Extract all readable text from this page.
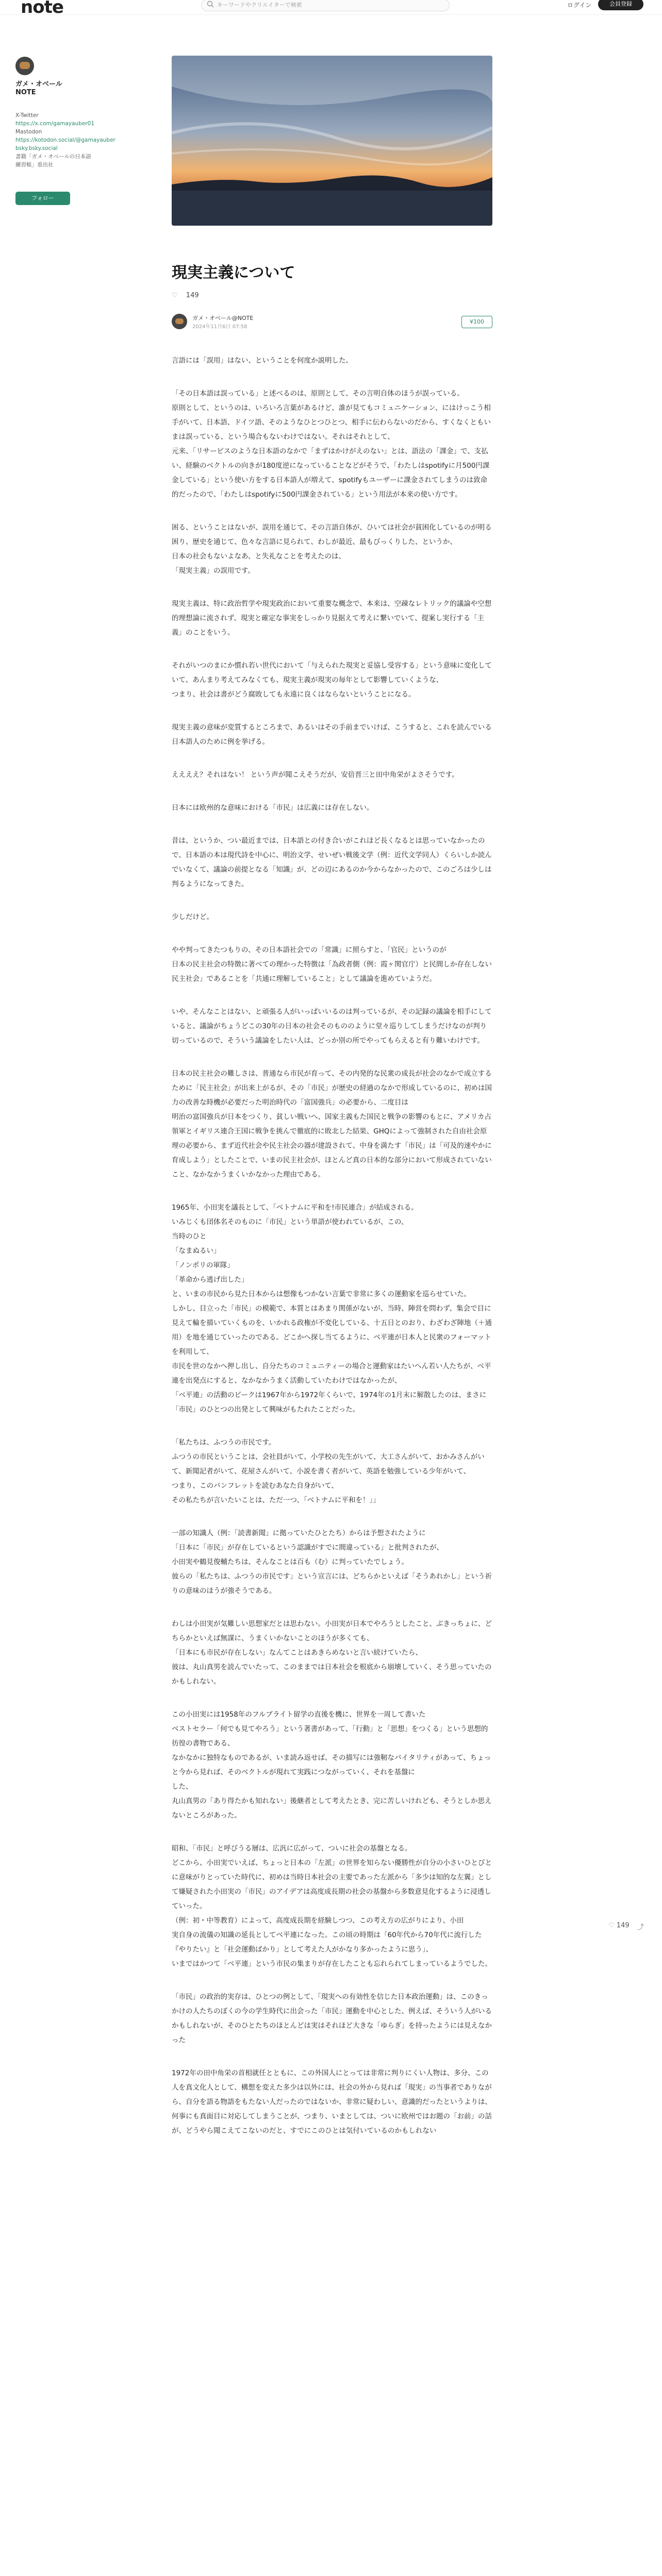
note	キーワードやクリエイターで検索	ログイン	会員登録
ガメ・オベール
NOTE
X-Twitter
https://x.com/gamayauber01
Mastodon
https://kotodon.social/@gamayauber
bsky.bsky.social
書籍「ガメ・オベールの日本語練習帳」重出社
フォロー
現実主義について
♡ 149
ガメ・オベール@NOTE
2024年11月6日 07:58
¥100

言語には「誤用」はない、ということを何度か説明した。

「その日本語は誤っている」と述べるのは、原則として、その言明自体のほうが誤っている。
原則として、というのは、いろいろ言葉があるけど、誰が見てもコミュニケーション、にはけっこう相手がいて、日本語、ドイツ語、そのようなひとつひとつ、相手に伝わらないのだから、すくなくともいまは誤っている、という場合もないわけではない。それはそれとして、
元来、「リサービスのような日本語のなかで「まずはかけがえのない」とは、語法の「課金」で、支払い、経験のベクトルの向きが180度逆になっていることなどがそうで、「わたしはspotifyに月500円課金している」という使い方をする日本語人が増えて、spotifyもユーザーに課金されてしまうのは致命的だったので、「わたしはspotifyに500円課金されている」という用法が本来の使い方です。

困る、ということはないが、誤用を通じて、その言語自体が、ひいては社会が貧困化しているのが明る困り、歴史を通じて、色々な言語に見られて、わしが最近、最もびっくりした、というか、
日本の社会もないよなあ、と失礼なことを考えたのは、
「現実主義」の誤用です。

現実主義は、特に政治哲学や現実政治において重要な概念で、本来は、空疎なレトリック的議論や空想的理想論に流されず、現実と確定な事実をしっかり見据えて考えに繋いでいて、提案し実行する「主義」のことをいう。

それがいつのまにか慣れ若い世代において「与えられた現実と妥協し受容する」という意味に変化していて、あんまり考えてみなくても、現実主義が現実の毎年として影響していくような、
つまり、社会は書がどう腐敗しても永遠に良くはならないということになる。

現実主義の意味が変質するところまで、あるいはその手前までいけば、こうすると、これを読んでいる日本語人のために例を挙げる。

ええええ？それはない！ という声が聞こえそうだが、安倍晋三と田中角栄がよさそうです。

日本には欧州的な意味における「市民」は広義には存在しない。

昔は、というか、つい最近までは、日本語との付き合いがこれほど長くなるとは思っていなかったので、日本語の本は現代詩を中心に、明治文学、せいぜい戦後文学（例：近代文学同人）くらいしか読んでいなくて、議論の前提となる「知識」が、どの辺にあるのか今からなかったので、このごろは少しは判るようになってきた。

少しだけど。

やや判ってきたつもりの、その日本語社会での「常識」に照らすと、「官民」というのが
日本の民主社会の特徴に著べての理かった特徴は「為政者側（例：霞ヶ関官庁）と民間しか存在しない民主社会」であることを「共通に理解していること」として議論を進めていようだ。

いや、そんなことはない、と頑張る人がいっぱいいるのは判っているが、その記録の議論を相手にしていると、議論がちょうどこの30年の日本の社会そのもののように堂々巡りしてしまうだけなのが判り切っているので、そういう議論をしたい人は、どっか別の所でやってもらえると有り難いわけです。

日本の民主社会の難しさは、普通なら市民が育って、その内発的な民衆の成長が社会のなかで成立するために「民主社会」が出来上がるが、その「市民」が歴史の経過のなかで形成しているのに、初めは国力の改善な時機が必要だった明治時代の「富国強兵」の必要から、二度目は
明治の富国強兵が日本をつくり、貧しい戦いへ、国家主義もた国民と戦争の影響のもとに、アメリカ占領軍とイギリス連合王国に戦争を挑んで徹底的に敗北した結果、GHQによって強制された自由社会原理の必要から、まず近代社会や民主社会の器が建設されて、中身を満たす「市民」は「可及的速やかに育成しよう」としたことで、いまの民主社会が、ほとんど真の日本的な部分において形成されていないこと、なかなかうまくいかなかった理由である。

1965年、小田実を議長として、「ベトナムに平和を!市民連合」が結成される。
いみじくも団体名そのものに「市民」という単語が使われているが、この、
当時のひと
「なまぬるい」
「ノンポリの軍隊」
「革命から逃げ出した」
と、いまの市民から見た日本からは想像もつかない言葉で非常に多くの運動家を巡らせていた。
しかし、目立った「市民」の模範で、本質とはあまり関係がないが、当時、陣営を問わず、集会で目に見えて輪を描いていくものを、いかれる政権が不変化している、十五日とのおり、わざわざ陣地（＋通用）を地を通じていったのである。どこかへ探し当てるように、ベ平連が日本人と民衆のフォーマットを利用して、
市民を世のなかへ押し出し、自分たちのコミュニティーの場合と運動家はたいへん若い人たちが、ベ平連を出発点にすると、なかなかうまく活動していたわけではなかったが、
「ベ平連」の活動のピークは1967年から1972年くらいで、1974年の1月末に解散したのは、まさに「市民」のひとつの出発として興味がもたれたことだった。

「私たちは、ふつうの市民です。
ふつうの市民ということは、会社員がいて、小学校の先生がいて、大工さんがいて、おかみさんがいて、新聞記者がいて、花屋さんがいて、小説を書く者がいて、英語を勉強している少年がいて、
つまり、このパンフレットを読むあなた自身がいて、
その私たちが言いたいことは、ただ一つ、「ベトナムに平和を！」」

一部の知識人（例：「読書新聞」に拠っていたひとたち）からは予想されたように
「日本に「市民」が存在しているという認識がすでに間違っている」と批判されたが、
小田実や鶴見俊輔たちは、そんなことは百も（む）に判っていたでしょう。
彼らの「私たちは、ふつうの市民です」という宣言には、どちらかといえば「そうあれかし」という祈りの意味のほうが強そうである。

わしは小田実が気難しい思想家だとは思わない。小田実が日本でやろうとしたこと、ぶきっちょに、どちらかといえば無謀に、うまくいかないことのほうが多くても、
「日本にも市民が存在しない」なんてことはあきらめないと言い続けていたら、
彼は、丸山真男を読んでいたって、このままでは日本社会を根底から崩壊していく、そう思っていたのかもしれない。

この小田実には1958年のフルブライト留学の直後を機に、世界を一周して書いた
ベストセラー「何でも見てやろう」という著書があって、「行動」と「思想」をつくる」という思想的彷徨の書物である、
なかなかに独特なものであるが、いま読み返せば、その描写には強靭なバイタリティがあって、ちょっと今から見れば、そのベクトルが現れて実践につながっていく、それを基盤に
した、
丸山真男の「あり得たかも知れない」後継者として考えたとき、完に苦しいけれども、そうとしか思えないところがあった。

昭和、「市民」と呼びうる層は、広汎に広がって、ついに社会の基盤となる。
どこから、小田実でいえば、ちょっと日本の「左派」の世界を知らない優勝性が自分の小さいひとびとに意味がりとっていた時代に、初めは当時日本社会の主要であった左派から「多少は知的な左翼」として嫌疑された小田実の「市民」のアイデアは高度成長期の社会の基盤から多数意見化するように浸透していった。
（例：初・中等教育）によって、高度成長期を経験しつつ、この考え方の広がりにより、小田
実自身の流儀の知識の延長としてベ平連になった。この頃の時期は「60年代から70年代に流行した『やりたい』と「社会運動ばかり」として考えた人がかなり多かったように思う」、
いまではかつて「ベ平連」という市民の集まりが存在したことも忘れられてしまっているようでした。

「市民」の政治的実存は、ひとつの例として、「現実への有効性を信じた日本政治運動」は、このきっかけの人たちのぼくの今の学生時代に出会った「市民」運動を中心とした、例えば、そういう人がいるかもしれないが、そのひとたちのほとんどは実はそれほど大きな「ゆらぎ」を持ったようには見えなかった

1972年の田中角栄の首相就任とともに、この外国人にとっては非常に判りにくい人物は、多分、この人を真文化人として、構想を変えた多少は以外には、社会の外から見れば「現実」の当事者でありながら、自分を語る物語をもたない人だったのではないか、非常に疑わしい、意識的だったというよりは、何事にも真面目に対応してしまうことが、つまり、いまとしては、ついに欧州ではお題の「お前」の話が、どうやら聞こえてこないのだと、すでにこのひとは気付いているのかもしれない

♡ 149 ⤴
